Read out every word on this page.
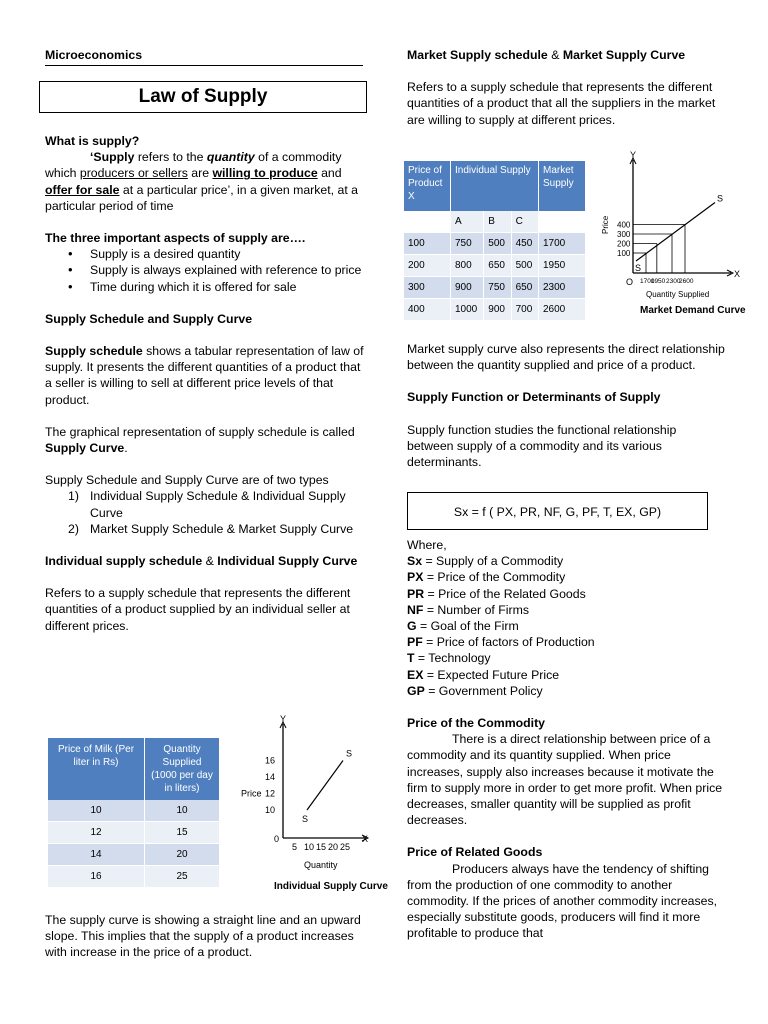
Microeconomics
Law of Supply

What is supply?

‘Supply refers to the quantity of a commodity which producers or sellers are willing to produce and offer for sale at a particular price’, in a given market, at a particular period of time

The three important aspects of supply are….

• Supply is a desired quantity
• Supply is always explained with reference to price
• Time during which it is offered for sale

Supply Schedule and Supply Curve

Supply schedule shows a tabular representation of law of supply. It presents the different quantities of a product that a seller is willing to sell at different price levels of that product.

The graphical representation of supply schedule is called Supply Curve.

Supply Schedule and Supply Curve are of two types

1) Individual Supply Schedule & Individual Supply Curve
2) Market Supply Schedule & Market Supply Curve

Individual supply schedule & Individual Supply Curve

Refers to a supply schedule that represents the different quantities of a product supplied by an individual seller at different prices.

Price of Milk (Per liter in Rs)	Quantity Supplied (1000 per day in liters)
10	10
12	15
14	20
16	25
Y
X
0
10
12
14
16
5 10 15 20 25
Price
Quantity
Individual Supply Curve
S
S

The supply curve is showing a straight line and an upward slope. This implies that the supply of a product increases with increase in the price of a product.

Market Supply schedule & Market Supply Curve

Refers to a supply schedule that represents the different quantities of a product that all the suppliers in the market are willing to supply at different prices.

Price of Product X	Individual Supply			Market Supply

	A	B	C	
100	750	500	450	1700
200	800	650	500	1950
300	900	750	650	2300
400	1000	900	700	2600
Y
X
O
100
200
300
400
1700
1950 2300
2600
Price
Quantity Supplied
Market Demand Curve
S
S

Market supply curve also represents the direct relationship between the quantity supplied and price of a product.

Supply Function or Determinants of Supply

Supply function studies the functional relationship between supply of a commodity and its various determinants.

Sx = f ( PX, PR, NF, G, PF, T, EX, GP)

Where,

Sx = Supply of a Commodity

PX = Price of the Commodity

PR = Price of the Related Goods

NF = Number of Firms

G = Goal of the Firm

PF = Price of factors of Production

T = Technology

EX = Expected Future Price

GP = Government Policy

Price of the Commodity

There is a direct relationship between price of a commodity and its quantity supplied. When price increases, supply also increases because it motivate the firm to supply more in order to get more profit. When price decreases, smaller quantity will be supplied as profit decreases.

Price of Related Goods

Producers always have the tendency of shifting from the production of one commodity to another commodity. If the prices of another commodity increases, especially substitute goods, producers will find it more profitable to produce that
